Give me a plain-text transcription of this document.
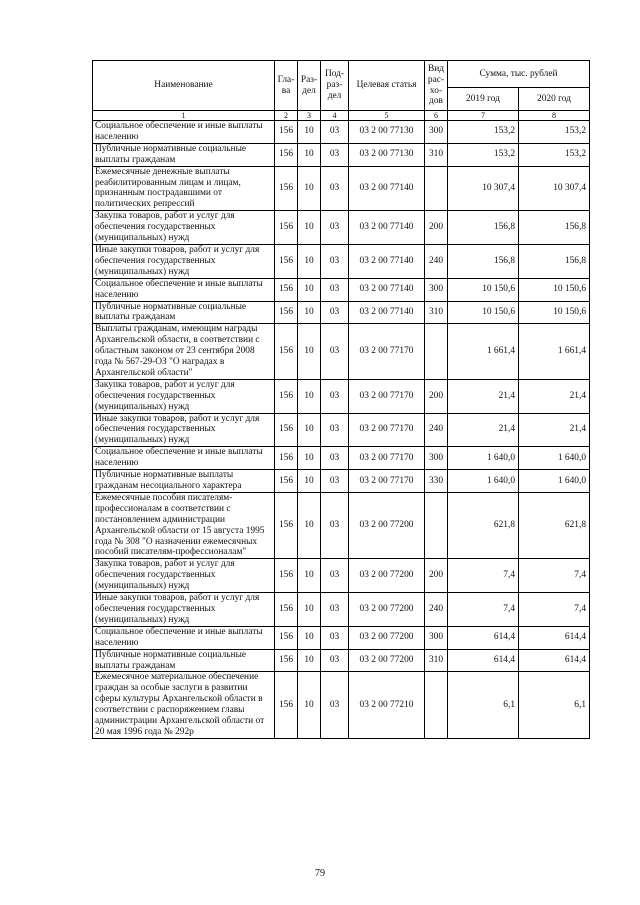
Наименование	Гла-ва	Раз-дел	Под-раз-дел	Целевая статья	Вид рас-хо-дов	Сумма, тыс. рублей	
						2019 год	2020 год
1	2	3	4	5	6	7	8
Социальное обеспечение и иные выплаты населению	156	10	03	03 2 00 77130	300	153,2	153,2
Публичные нормативные социальные выплаты гражданам	156	10	03	03 2 00 77130	310	153,2	153,2
Ежемесячные денежные выплаты реабилитированным лицам и лицам, признанным пострадавшими от политических репрессий	156	10	03	03 2 00 77140		10 307,4	10 307,4
Закупка товаров, работ и услуг для обеспечения государственных (муниципальных) нужд	156	10	03	03 2 00 77140	200	156,8	156,8
Иные закупки товаров, работ и услуг для обеспечения государственных (муниципальных) нужд	156	10	03	03 2 00 77140	240	156,8	156,8
Социальное обеспечение и иные выплаты населению	156	10	03	03 2 00 77140	300	10 150,6	10 150,6
Публичные нормативные социальные выплаты гражданам	156	10	03	03 2 00 77140	310	10 150,6	10 150,6
Выплаты гражданам, имеющим награды Архангельской области, в соответствии с областным законом от 23 сентября 2008 года № 567-29-ОЗ "О наградах в Архангельской области"	156	10	03	03 2 00 77170		1 661,4	1 661,4
Закупка товаров, работ и услуг для обеспечения государственных (муниципальных) нужд	156	10	03	03 2 00 77170	200	21,4	21,4
Иные закупки товаров, работ и услуг для обеспечения государственных (муниципальных) нужд	156	10	03	03 2 00 77170	240	21,4	21,4
Социальное обеспечение и иные выплаты населению	156	10	03	03 2 00 77170	300	1 640,0	1 640,0
Публичные нормативные выплаты гражданам несоциального характера	156	10	03	03 2 00 77170	330	1 640,0	1 640,0
Ежемесячные пособия писателям-профессионалам в соответствии с постановлением администрации Архангельской области от 15 августа 1995 года № 308 "О назначении ежемесячных пособий писателям-профессионалам"	156	10	03	03 2 00 77200		621,8	621,8
Закупка товаров, работ и услуг для обеспечения государственных (муниципальных) нужд	156	10	03	03 2 00 77200	200	7,4	7,4
Иные закупки товаров, работ и услуг для обеспечения государственных (муниципальных) нужд	156	10	03	03 2 00 77200	240	7,4	7,4
Социальное обеспечение и иные выплаты населению	156	10	03	03 2 00 77200	300	614,4	614,4
Публичные нормативные социальные выплаты гражданам	156	10	03	03 2 00 77200	310	614,4	614,4
Ежемесячное материальное обеспечение граждан за особые заслуги в развитии сферы культуры Архангельской области в соответствии с распоряжением главы администрации Архангельской области от 20 мая 1996 года № 292р	156	10	03	03 2 00 77210		6,1	6,1
79
